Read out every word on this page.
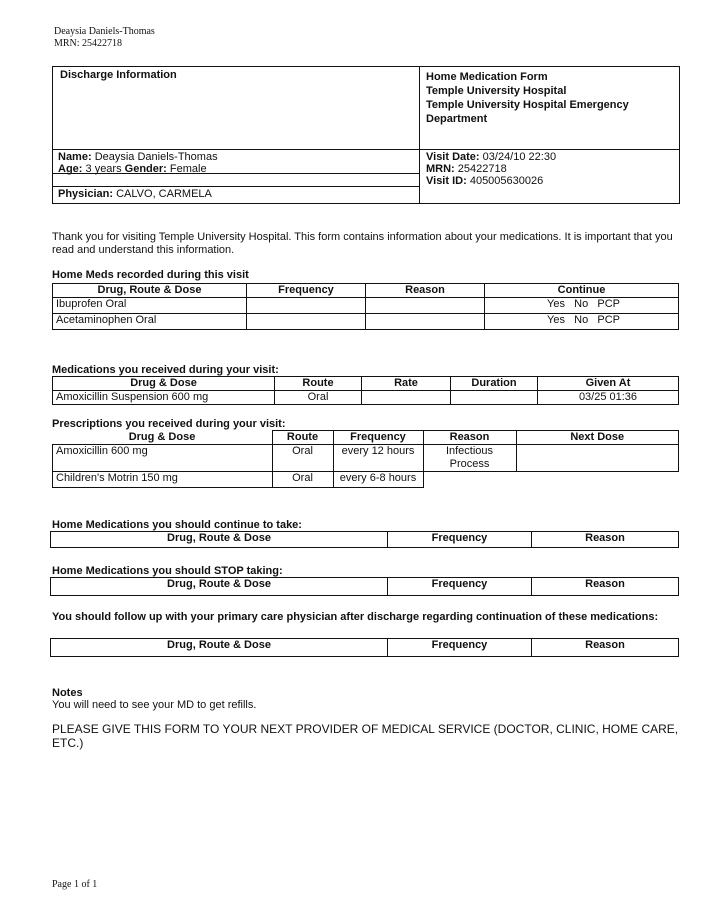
Deaysia Daniels-Thomas
MRN: 25422718
Discharge Information	Home Medication Form
Temple University Hospital
Temple University Hospital Emergency
Department
Name: Deaysia Daniels-Thomas
Age: 3 years Gender: Female
Physician: CALVO, CARMELA
Visit Date: 03/24/10 22:30
MRN: 25422718
Visit ID: 405005630026
Thank you for visiting Temple University Hospital. This form contains information about your medications. It is important that you read and understand this information.
Home Meds recorded during this visit
Drug, Route & Dose	Frequency	Reason	Continue
Ibuprofen Oral			Yes   No   PCP
Acetaminophen Oral			Yes   No   PCP
Medications you received during your visit:
Drug & Dose	Route	Rate	Duration	Given At
Amoxicillin Suspension 600 mg	Oral			03/25 01:36
Prescriptions you received during your visit:
Drug & Dose	Route	Frequency	Reason	Next Dose
Amoxicillin 600 mg	Oral	every 12 hours	Infectious
Process	

Children's Motrin 150 mg	Oral	every 6-8 hours		
Home Medications you should continue to take:
Drug, Route & Dose	Frequency	Reason
Home Medications you should STOP taking:
Drug, Route & Dose	Frequency	Reason
You should follow up with your primary care physician after discharge regarding continuation of these medications:
Drug, Route & Dose	Frequency	Reason
Notes
You will need to see your MD to get refills.
PLEASE GIVE THIS FORM TO YOUR NEXT PROVIDER OF MEDICAL SERVICE (DOCTOR, CLINIC, HOME CARE, ETC.)
Page 1 of 1
